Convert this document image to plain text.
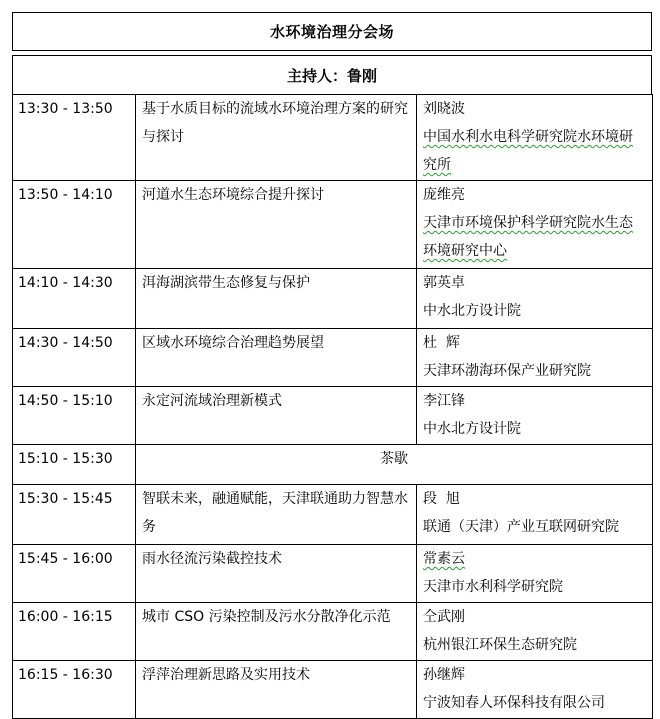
水环境治理分会场
主持人： 鲁刚
13:30 - 13:50	基于水质目标的流域水环境治理方案的研究与探讨	刘晓波
中国水利水电科学研究院水环境研究所

13:50 - 14:10	河道水生态环境综合提升探讨	庞维亮
天津市环境保护科学研究院水生态环境研究中心

14:10 - 14:30	洱海湖滨带生态修复与保护	郭英卓
中水北方设计院

14:30 - 14:50	区域水环境综合治理趋势展望	杜  辉
天津环渤海环保产业研究院

14:50 - 15:10	永定河流域治理新模式	李江锋
中水北方设计院

15:10 - 15:30	茶歇	
15:30 - 15:45	智联未来，融通赋能，天津联通助力智慧水务	段  旭
联通（天津）产业互联网研究院

15:45 - 16:00	雨水径流污染截控技术	常素云
天津市水利科学研究院

16:00 - 16:15	城市 CSO 污染控制及污水分散净化示范	仝武刚
杭州银江环保生态研究院

16:15 - 16:30	浮萍治理新思路及实用技术	孙继辉
宁波知春人环保科技有限公司
